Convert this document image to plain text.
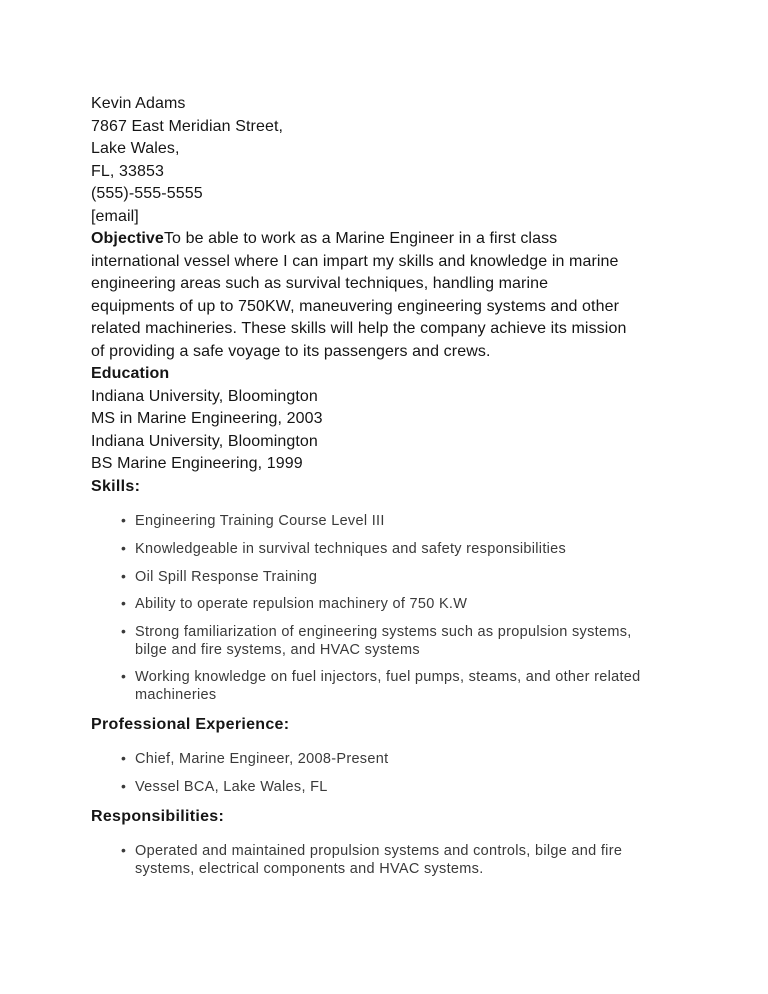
Kevin Adams
7867 East Meridian Street,
Lake Wales,
FL, 33853
(555)-555-5555
[email]
ObjectiveTo be able to work as a Marine Engineer in a first class
international vessel where I can impart my skills and knowledge in marine
engineering areas such as survival techniques, handling marine
equipments of up to 750KW, maneuvering engineering systems and other
related machineries. These skills will help the company achieve its mission
of providing a safe voyage to its passengers and crews.
Education
Indiana University, Bloomington
MS in Marine Engineering, 2003
Indiana University, Bloomington
BS Marine Engineering, 1999
Skills:
• Engineering Training Course Level III
• Knowledgeable in survival techniques and safety responsibilities
• Oil Spill Response Training
• Ability to operate repulsion machinery of 750 K.W
• Strong familiarization of engineering systems such as propulsion systems, bilge and fire systems, and HVAC systems
• Working knowledge on fuel injectors, fuel pumps, steams, and other related machineries
Professional Experience:
• Chief, Marine Engineer, 2008-Present
• Vessel BCA, Lake Wales, FL
Responsibilities:
• Operated and maintained propulsion systems and controls, bilge and fire systems, electrical components and HVAC systems.
